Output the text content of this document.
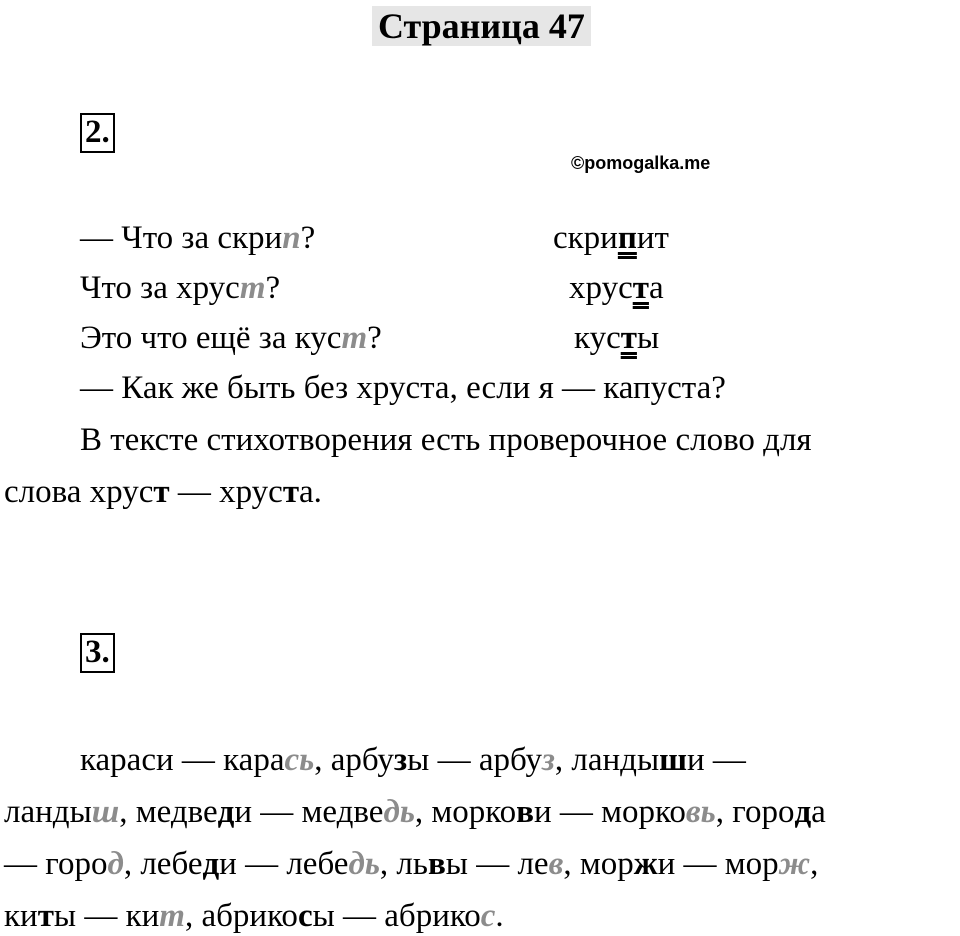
Страница 47
2.
©pomogalka.me
— Что за скрип?
Что за хруст?
Это что ещё за куст?
скрипит
хруста
кусты
— Как же быть без хруста, если я — капуста?
В тексте стихотворения есть проверочное слово для
слова хруст — хруста.
3.
караси — карась, арбузы — арбуз, ландыши —
ландыш, медведи — медведь, моркови — морковь, города
— город, лебеди — лебедь, львы — лев, моржи — морж,
киты — кит, абрикосы — абрикос.
